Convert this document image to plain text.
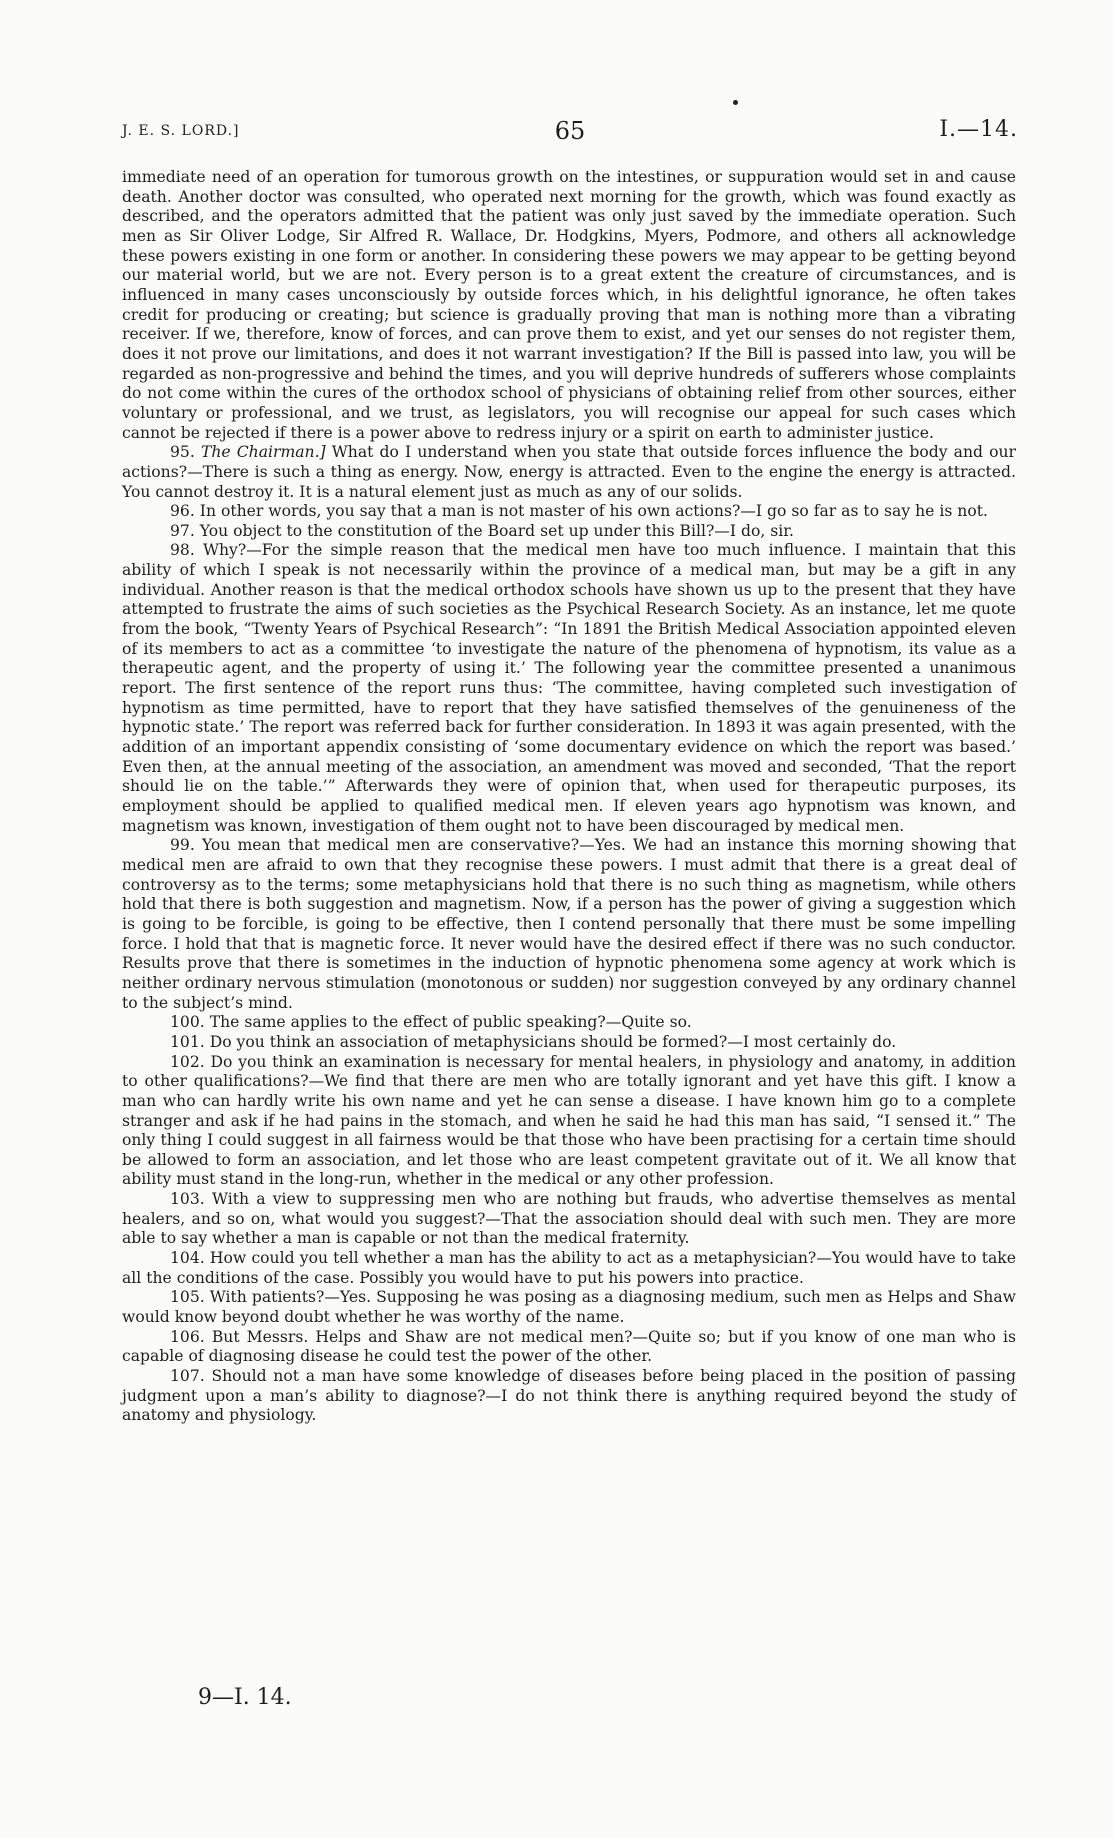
J. E. S. LORD.]	65	I.—14.

immediate need of an operation for tumorous growth on the intestines, or suppuration would set in and cause death. Another doctor was consulted, who operated next morning for the growth, which was found exactly as described, and the operators admitted that the patient was only just saved by the immediate operation. Such men as Sir Oliver Lodge, Sir Alfred R. Wallace, Dr. Hodgkins, Myers, Podmore, and others all acknowledge these powers existing in one form or another. In considering these powers we may appear to be getting beyond our material world, but we are not. Every person is to a great extent the creature of circumstances, and is influenced in many cases unconsciously by outside forces which, in his delightful ignorance, he often takes credit for producing or creating; but science is gradually proving that man is nothing more than a vibrating receiver. If we, therefore, know of forces, and can prove them to exist, and yet our senses do not register them, does it not prove our limitations, and does it not warrant investigation? If the Bill is passed into law, you will be regarded as non-progressive and behind the times, and you will deprive hundreds of sufferers whose complaints do not come within the cures of the orthodox school of physicians of obtaining relief from other sources, either voluntary or professional, and we trust, as legislators, you will recognise our appeal for such cases which cannot be rejected if there is a power above to redress injury or a spirit on earth to administer justice.

95. The Chairman.] What do I understand when you state that outside forces influence the body and our actions?—There is such a thing as energy. Now, energy is attracted. Even to the engine the energy is attracted. You cannot destroy it. It is a natural element just as much as any of our solids.

96. In other words, you say that a man is not master of his own actions?—I go so far as to say he is not.

97. You object to the constitution of the Board set up under this Bill?—I do, sir.

98. Why?—For the simple reason that the medical men have too much influence. I maintain that this ability of which I speak is not necessarily within the province of a medical man, but may be a gift in any individual. Another reason is that the medical orthodox schools have shown us up to the present that they have attempted to frustrate the aims of such societies as the Psychical Research Society. As an instance, let me quote from the book, “Twenty Years of Psychical Research”: “In 1891 the British Medical Association appointed eleven of its members to act as a committee ‘to investigate the nature of the phenomena of hypnotism, its value as a therapeutic agent, and the property of using it.’ The following year the committee presented a unanimous report. The first sentence of the report runs thus: ‘The committee, having completed such investigation of hypnotism as time permitted, have to report that they have satisfied themselves of the genuineness of the hypnotic state.’ The report was referred back for further consideration. In 1893 it was again presented, with the addition of an important appendix consisting of ‘some documentary evidence on which the report was based.’ Even then, at the annual meeting of the association, an amendment was moved and seconded, ‘That the report should lie on the table.’” Afterwards they were of opinion that, when used for therapeutic purposes, its employment should be applied to qualified medical men. If eleven years ago hypnotism was known, and magnetism was known, investigation of them ought not to have been discouraged by medical men.

99. You mean that medical men are conservative?—Yes. We had an instance this morning showing that medical men are afraid to own that they recognise these powers. I must admit that there is a great deal of controversy as to the terms; some metaphysicians hold that there is no such thing as magnetism, while others hold that there is both suggestion and magnetism. Now, if a person has the power of giving a suggestion which is going to be forcible, is going to be effective, then I contend personally that there must be some impelling force. I hold that that is magnetic force. It never would have the desired effect if there was no such conductor. Results prove that there is sometimes in the induction of hypnotic phenomena some agency at work which is neither ordinary nervous stimulation (monotonous or sudden) nor suggestion conveyed by any ordinary channel to the subject’s mind.

100. The same applies to the effect of public speaking?—Quite so.

101. Do you think an association of metaphysicians should be formed?—I most certainly do.

102. Do you think an examination is necessary for mental healers, in physiology and anatomy, in addition to other qualifications?—We find that there are men who are totally ignorant and yet have this gift. I know a man who can hardly write his own name and yet he can sense a disease. I have known him go to a complete stranger and ask if he had pains in the stomach, and when he said he had this man has said, “I sensed it.” The only thing I could suggest in all fairness would be that those who have been practising for a certain time should be allowed to form an association, and let those who are least competent gravitate out of it. We all know that ability must stand in the long-run, whether in the medical or any other profession.

103. With a view to suppressing men who are nothing but frauds, who advertise themselves as mental healers, and so on, what would you suggest?—That the association should deal with such men. They are more able to say whether a man is capable or not than the medical fraternity.

104. How could you tell whether a man has the ability to act as a metaphysician?—You would have to take all the conditions of the case. Possibly you would have to put his powers into practice.

105. With patients?—Yes. Supposing he was posing as a diagnosing medium, such men as Helps and Shaw would know beyond doubt whether he was worthy of the name.

106. But Messrs. Helps and Shaw are not medical men?—Quite so; but if you know of one man who is capable of diagnosing disease he could test the power of the other.

107. Should not a man have some knowledge of diseases before being placed in the position of passing judgment upon a man’s ability to diagnose?—I do not think there is anything required beyond the study of anatomy and physiology.

9—I. 14.
